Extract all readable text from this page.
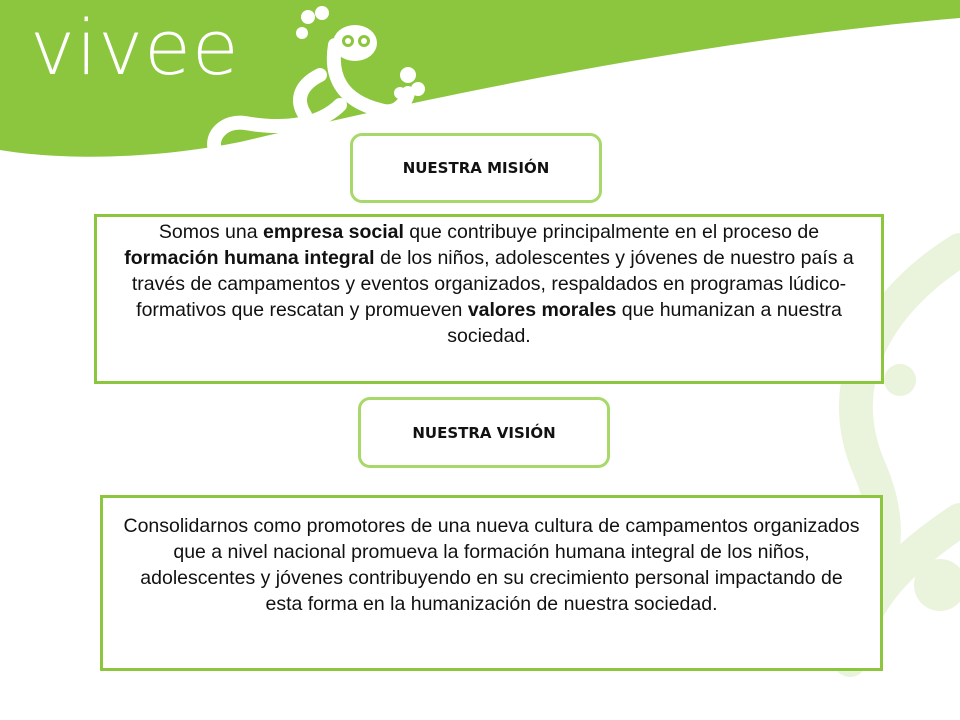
vivee
NUESTRA MISIÓN

Somos una empresa social que contribuye principalmente en el proceso de formación humana integral de los niños, adolescentes y jóvenes de nuestro país a través de campamentos y eventos organizados, respaldados en programas lúdico-formativos que rescatan y promueven valores morales que humanizan a nuestra sociedad.

NUESTRA VISIÓN

Consolidarnos como promotores de una nueva cultura de campamentos organizados que a nivel nacional promueva la formación humana integral de los niños, adolescentes y jóvenes contribuyendo en su crecimiento personal impactando de esta forma en la humanización de nuestra sociedad.
